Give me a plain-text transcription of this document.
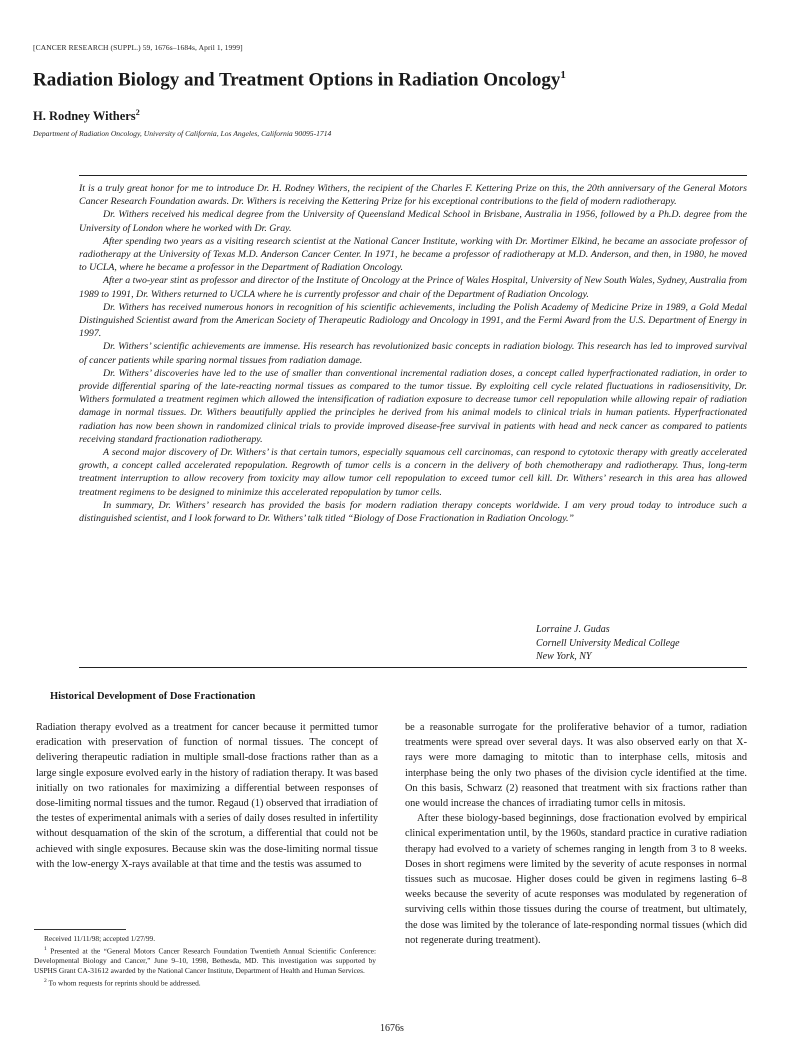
[CANCER RESEARCH (SUPPL.) 59, 1676s–1684s, April 1, 1999]
Radiation Biology and Treatment Options in Radiation Oncology$^1$
H. Rodney Withers$^2$
Department of Radiation Oncology, University of California, Los Angeles, California 90095-1714

It is a truly great honor for me to introduce Dr. H. Rodney Withers, the recipient of the Charles F. Kettering Prize on this, the 20th anniversary of the General Motors Cancer Research Foundation awards. Dr. Withers is receiving the Kettering Prize for his exceptional contributions to the field of modern radiotherapy.

Dr. Withers received his medical degree from the University of Queensland Medical School in Brisbane, Australia in 1956, followed by a Ph.D. degree from the University of London where he worked with Dr. Gray.

After spending two years as a visiting research scientist at the National Cancer Institute, working with Dr. Mortimer Elkind, he became an associate professor of radiotherapy at the University of Texas M.D. Anderson Cancer Center. In 1971, he became a professor of radiotherapy at M.D. Anderson, and then, in 1980, he moved to UCLA, where he became a professor in the Department of Radiation Oncology.

After a two-year stint as professor and director of the Institute of Oncology at the Prince of Wales Hospital, University of New South Wales, Sydney, Australia from 1989 to 1991, Dr. Withers returned to UCLA where he is currently professor and chair of the Department of Radiation Oncology.

Dr. Withers has received numerous honors in recognition of his scientific achievements, including the Polish Academy of Medicine Prize in 1989, a Gold Medal Distinguished Scientist award from the American Society of Therapeutic Radiology and Oncology in 1991, and the Fermi Award from the U.S. Department of Energy in 1997.

Dr. Withers’ scientific achievements are immense. His research has revolutionized basic concepts in radiation biology. This research has led to improved survival of cancer patients while sparing normal tissues from radiation damage.

Dr. Withers’ discoveries have led to the use of smaller than conventional incremental radiation doses, a concept called hyperfractionated radiation, in order to provide differential sparing of the late-reacting normal tissues as compared to the tumor tissue. By exploiting cell cycle related fluctuations in radiosensitivity, Dr. Withers formulated a treatment regimen which allowed the intensification of radiation exposure to decrease tumor cell repopulation while allowing repair of radiation damage in normal tissues. Dr. Withers beautifully applied the principles he derived from his animal models to clinical trials in human patients. Hyperfractionated radiation has now been shown in randomized clinical trials to provide improved disease-free survival in patients with head and neck cancer as compared to patients receiving standard fractionation radiotherapy.

A second major discovery of Dr. Withers’ is that certain tumors, especially squamous cell carcinomas, can respond to cytotoxic therapy with greatly accelerated growth, a concept called accelerated repopulation. Regrowth of tumor cells is a concern in the delivery of both chemotherapy and radiotherapy. Thus, long-term treatment interruption to allow recovery from toxicity may allow tumor cell repopulation to exceed tumor cell kill. Dr. Withers’ research in this area has allowed treatment regimens to be designed to minimize this accelerated repopulation by tumor cells.

In summary, Dr. Withers’ research has provided the basis for modern radiation therapy concepts worldwide. I am very proud today to introduce such a distinguished scientist, and I look forward to Dr. Withers’ talk titled “Biology of Dose Fractionation in Radiation Oncology.”

Lorraine J. Gudas
Cornell University Medical College
New York, NY
Historical Development of Dose Fractionation

Radiation therapy evolved as a treatment for cancer because it permitted tumor eradication with preservation of function of normal tissues. The concept of delivering therapeutic radiation in multiple small-dose fractions rather than as a large single exposure evolved early in the history of radiation therapy. It was based initially on two rationales for maximizing a differential between responses of dose-limiting normal tissues and the tumor. Regaud (1) observed that irradiation of the testes of experimental animals with a series of daily doses resulted in infertility without desquamation of the skin of the scrotum, a differential that could not be achieved with single exposures. Because skin was the dose-limiting normal tissue with the low-energy X-rays available at that time and the testis was assumed to

be a reasonable surrogate for the proliferative behavior of a tumor, radiation treatments were spread over several days. It was also observed early on that X-rays were more damaging to mitotic than to interphase cells, mitosis and interphase being the only two phases of the division cycle identified at the time. On this basis, Schwarz (2) reasoned that treatment with six fractions rather than one would increase the chances of irradiating tumor cells in mitosis.

After these biology-based beginnings, dose fractionation evolved by empirical clinical experimentation until, by the 1960s, standard practice in curative radiation therapy had evolved to a variety of schemes ranging in length from 3 to 8 weeks. Doses in short regimens were limited by the severity of acute responses in normal tissues such as mucosae. Higher doses could be given in regimens lasting 6–8 weeks because the severity of acute responses was modulated by regeneration of surviving cells within those tissues during the course of treatment, but ultimately, the dose was limited by the tolerance of late-responding normal tissues (which did not regenerate during treatment).

Received 11/11/98; accepted 1/27/99.

$^1$ Presented at the “General Motors Cancer Research Foundation Twentieth Annual Scientific Conference: Developmental Biology and Cancer,” June 9–10, 1998, Bethesda, MD. This investigation was supported by USPHS Grant CA-31612 awarded by the National Cancer Institute, Department of Health and Human Services.

$^2$ To whom requests for reprints should be addressed.

1676s
